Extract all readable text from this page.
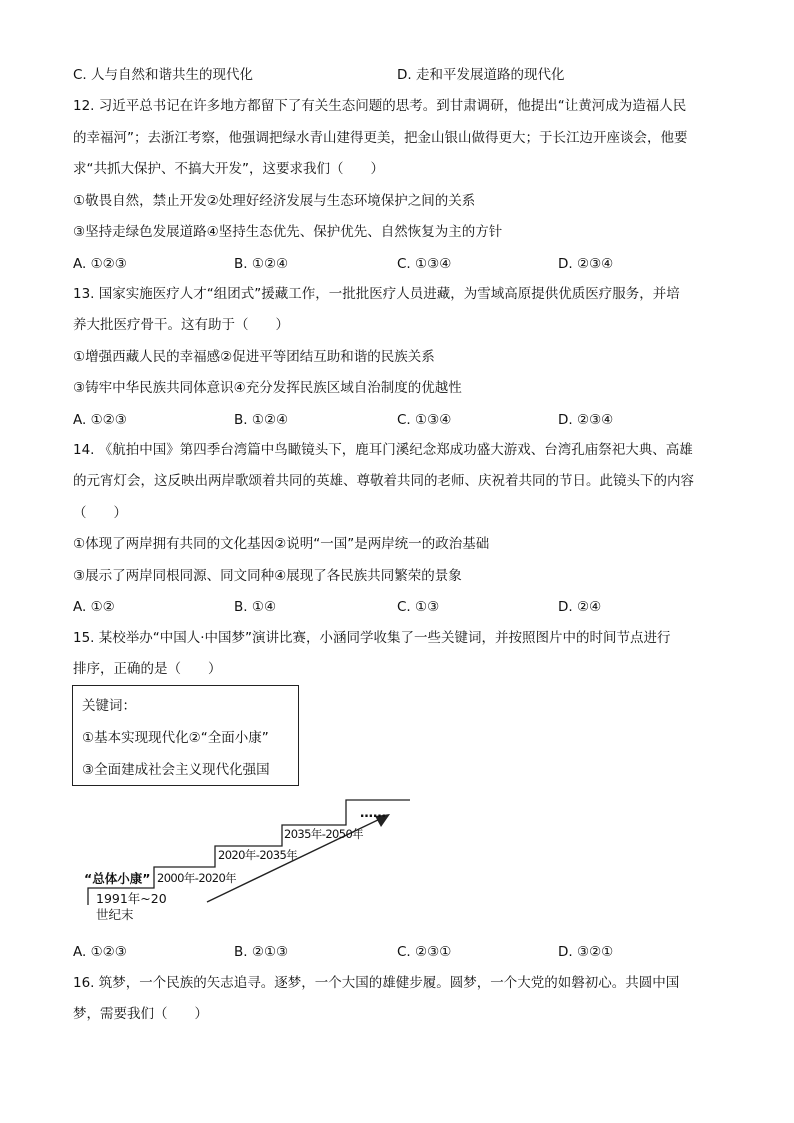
C. 人与自然和谐共生的现代化	D. 走和平发展道路的现代化
12. 习近平总书记在许多地方都留下了有关生态问题的思考。到甘肃调研，他提出“让黄河成为造福人民
的幸福河”；去浙江考察，他强调把绿水青山建得更美，把金山银山做得更大；于长江边开座谈会，他要
求“共抓大保护、不搞大开发”，这要求我们（　　）
①敬畏自然，禁止开发②处理好经济发展与生态环境保护之间的关系
③坚持走绿色发展道路④坚持生态优先、保护优先、自然恢复为主的方针
A. ①②③	B. ①②④	C. ①③④	D. ②③④
13. 国家实施医疗人才“组团式”援藏工作，一批批医疗人员进藏，为雪域高原提供优质医疗服务，并培
养大批医疗骨干。这有助于（　　）
①增强西藏人民的幸福感②促进平等团结互助和谐的民族关系
③铸牢中华民族共同体意识④充分发挥民族区域自治制度的优越性
A. ①②③	B. ①②④	C. ①③④	D. ②③④
14. 《航拍中国》第四季台湾篇中鸟瞰镜头下，鹿耳门溪纪念郑成功盛大游戏、台湾孔庙祭祀大典、高雄
的元宵灯会，这反映出两岸歌颂着共同的英雄、尊敬着共同的老师、庆祝着共同的节日。此镜头下的内容
（　　）
①体现了两岸拥有共同的文化基因②说明“一国”是两岸统一的政治基础
③展示了两岸同根同源、同文同种④展现了各民族共同繁荣的景象
A. ①②	B. ①④	C. ①③	D. ②④
15. 某校举办“中国人·中国梦”演讲比赛，小涵同学收集了一些关键词，并按照图片中的时间节点进行
排序，正确的是（　　）
关键词：
①基本实现现代化②“全面小康”
③全面建成社会主义现代化强国
“总体小康” 2000年-2020年
2020年-2035年
2035年-2050年
……
1991年~20
世纪末
A. ①②③	B. ②①③	C. ②③①	D. ③②①
16. 筑梦，一个民族的矢志追寻。逐梦，一个大国的雄健步履。圆梦，一个大党的如磐初心。共圆中国
梦，需要我们（　　）
